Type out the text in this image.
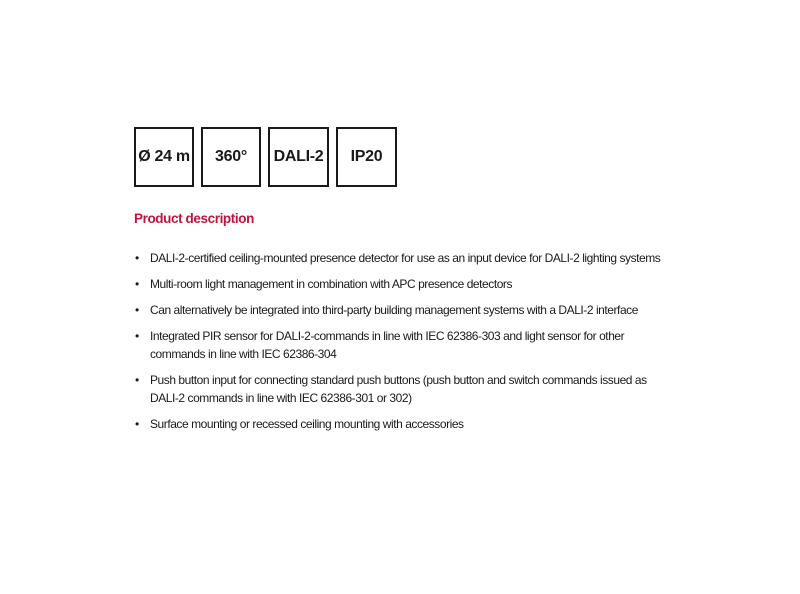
Ø 24 m	360°	DALI-2	IP20
Product description
• DALI-2-certified ceiling-mounted presence detector for use as an input device for DALI-2 lighting systems
• Multi-room light management in combination with APC presence detectors
• Can alternatively be integrated into third-party building management systems with a DALI-2 interface
• Integrated PIR sensor for DALI-2-commands in line with IEC 62386-303 and light sensor for other commands in line with IEC 62386-304
• Push button input for connecting standard push buttons (push button and switch commands issued as DALI-2 commands in line with IEC 62386-301 or 302)
• Surface mounting or recessed ceiling mounting with accessories
